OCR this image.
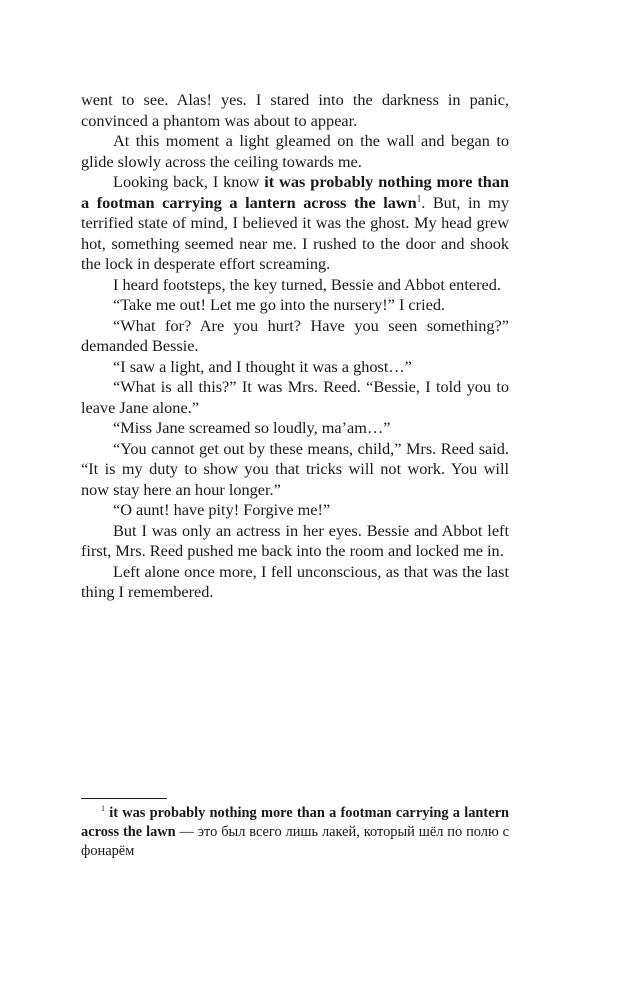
went to see. Alas! yes. I stared into the darkness in panic, convinced a phantom was about to appear.

At this moment a light gleamed on the wall and began to glide slowly across the ceiling towards me.

Looking back, I know it was probably nothing more than a footman carrying a lantern across the lawn$^1$. But, in my terrified state of mind, I believed it was the ghost. My head grew hot, something seemed near me. I rushed to the door and shook the lock in desperate effort screaming.

I heard footsteps, the key turned, Bessie and Abbot entered.

“Take me out! Let me go into the nursery!” I cried.

“What for? Are you hurt? Have you seen something?” demanded Bessie.

“I saw a light, and I thought it was a ghost…”

“What is all this?” It was Mrs. Reed. “Bessie, I told you to leave Jane alone.”

“Miss Jane screamed so loudly, ma’am…”

“You cannot get out by these means, child,” Mrs. Reed said. “It is my duty to show you that tricks will not work. You will now stay here an hour longer.”

“O aunt! have pity! Forgive me!”

But I was only an actress in her eyes. Bessie and Abbot left first, Mrs. Reed pushed me back into the room and locked me in.

Left alone once more, I fell unconscious, as that was the last thing I remembered.

$^1$ it was probably nothing more than a footman carrying a lantern across the lawn — это был всего лишь лакей, который шёл по полю с фонарём
